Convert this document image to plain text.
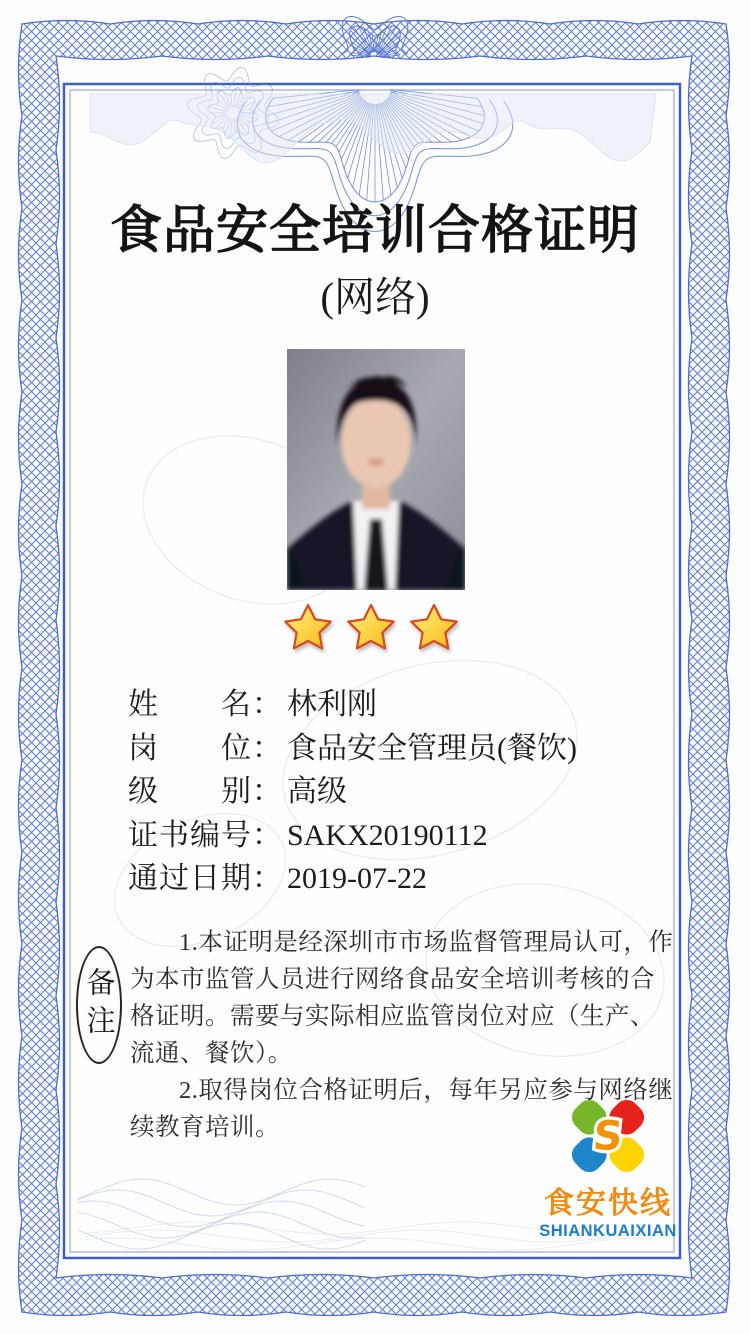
食品安全培训合格证明
(网络)
姓　　名： 林利刚
岗　　位： 食品安全管理员(餐饮)
级　　别： 高级
证书编号： SAKX20190112
通过日期： 2019-07-22
备注

1.本证明是经深圳市市场监督管理局认可，作为本市监管人员进行网络食品安全培训考核的合格证明。需要与实际相应监管岗位对应（生产、流通、餐饮）。

2.取得岗位合格证明后，每年另应参与网络继续教育培训。	S
食安快线
SHIANKUAIXIAN
